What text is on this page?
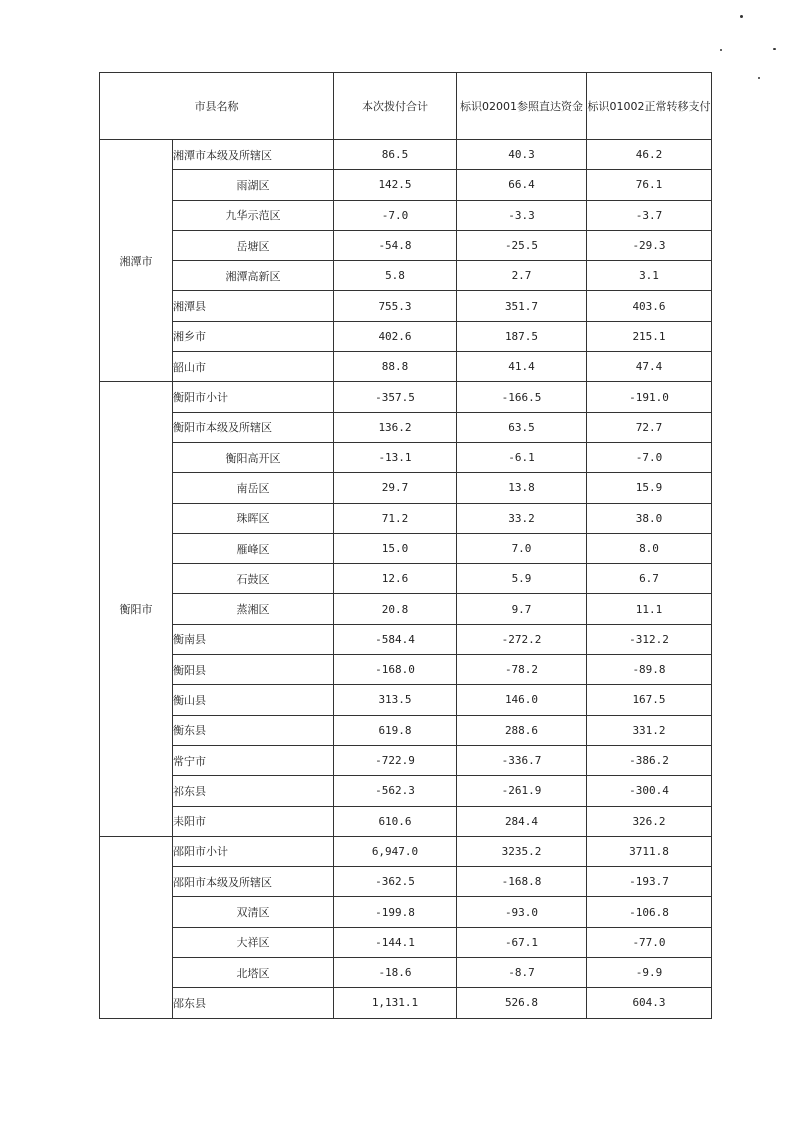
市县名称		本次拨付合计	标识02001参照直达资金	标识01002正常转移支付
湘潭市	湘潭市本级及所辖区	86.5	40.3	46.2
	雨湖区	142.5	66.4	76.1
	九华示范区	-7.0	-3.3	-3.7
	岳塘区	-54.8	-25.5	-29.3
	湘潭高新区	5.8	2.7	3.1
	湘潭县	755.3	351.7	403.6
	湘乡市	402.6	187.5	215.1
	韶山市	88.8	41.4	47.4
衡阳市	衡阳市小计	-357.5	-166.5	-191.0
	衡阳市本级及所辖区	136.2	63.5	72.7
	衡阳高开区	-13.1	-6.1	-7.0
	南岳区	29.7	13.8	15.9
	珠晖区	71.2	33.2	38.0
	雁峰区	15.0	7.0	8.0
	石鼓区	12.6	5.9	6.7
	蒸湘区	20.8	9.7	11.1
	衡南县	-584.4	-272.2	-312.2
	衡阳县	-168.0	-78.2	-89.8
	衡山县	313.5	146.0	167.5
	衡东县	619.8	288.6	331.2
	常宁市	-722.9	-336.7	-386.2
	祁东县	-562.3	-261.9	-300.4
	耒阳市	610.6	284.4	326.2
	邵阳市小计	6,947.0	3235.2	3711.8
	邵阳市本级及所辖区	-362.5	-168.8	-193.7
	双清区	-199.8	-93.0	-106.8
	大祥区	-144.1	-67.1	-77.0
	北塔区	-18.6	-8.7	-9.9
	邵东县	1,131.1	526.8	604.3
